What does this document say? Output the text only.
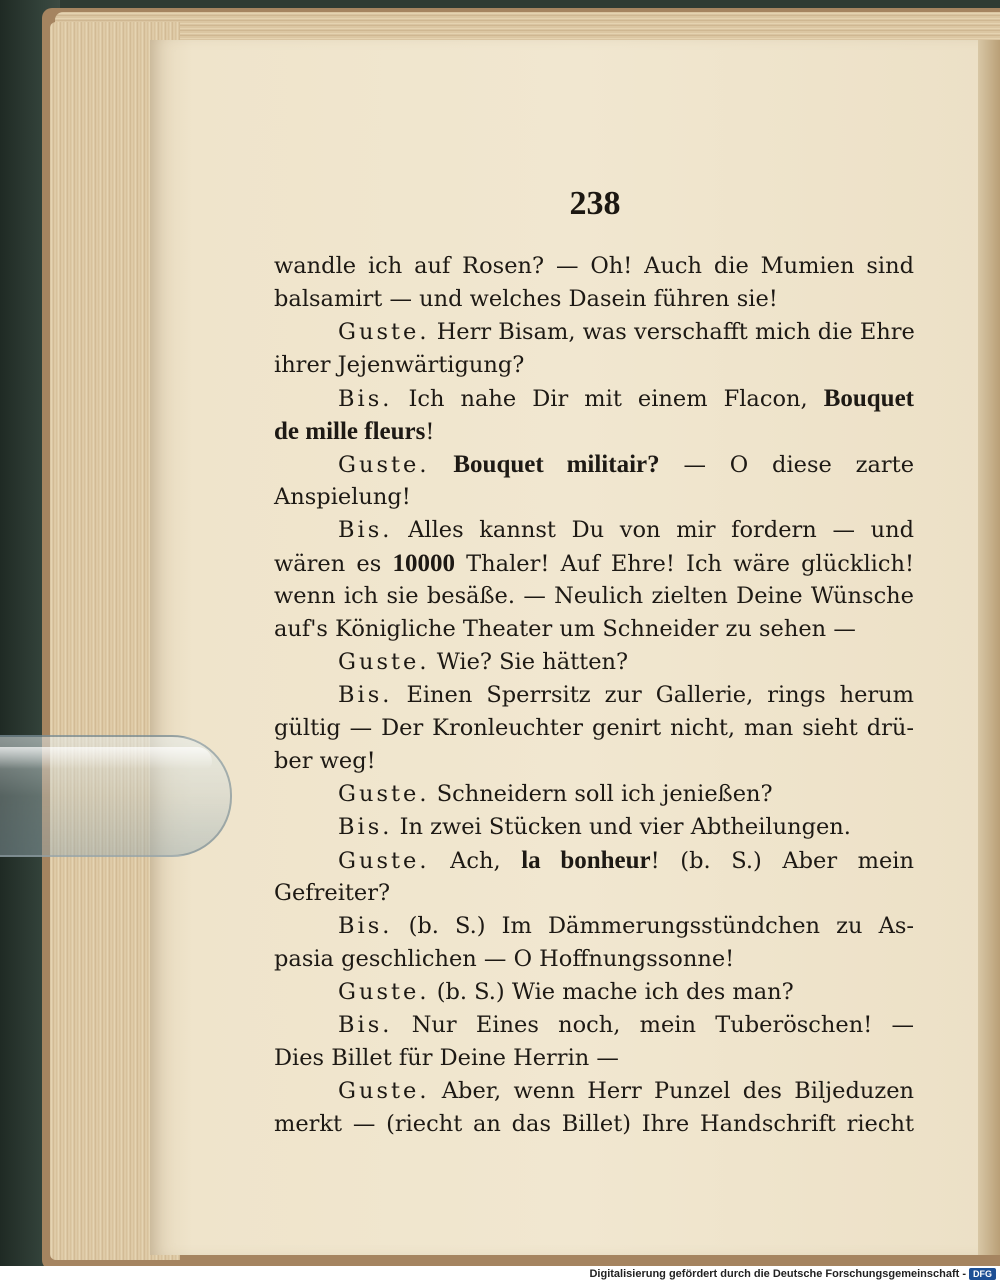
238
wandle ich auf Rosen? — Oh! Auch die Mumien sind
balsamirt — und welches Dasein führen sie!
Guste. Herr Bisam, was verschafft mich die Ehre
ihrer Jejenwärtigung?
Bis. Ich nahe Dir mit einem Flacon, Bouquet
de mille fleurs!
Guste. Bouquet militair? — O diese zarte
Anspielung!
Bis. Alles kannst Du von mir fordern — und
wären es 10000 Thaler! Auf Ehre! Ich wäre glücklich!
wenn ich sie besäße. — Neulich zielten Deine Wünsche
auf's Königliche Theater um Schneider zu sehen —
Guste. Wie? Sie hätten?
Bis. Einen Sperrsitz zur Gallerie, rings herum
gültig — Der Kronleuchter genirt nicht, man sieht drü-
ber weg!
Guste. Schneidern soll ich jenießen?
Bis. In zwei Stücken und vier Abtheilungen.
Guste. Ach, la bonheur! (b. S.) Aber mein
Gefreiter?
Bis. (b. S.) Im Dämmerungsstündchen zu As-
pasia geschlichen — O Hoffnungssonne!
Guste. (b. S.) Wie mache ich des man?
Bis. Nur Eines noch, mein Tuberöschen! —
Dies Billet für Deine Herrin —
Guste. Aber, wenn Herr Punzel des Biljeduzen
merkt — (riecht an das Billet) Ihre Handschrift riecht
Digitalisierung gefördert durch die Deutsche Forschungsgemeinschaft - DFG
